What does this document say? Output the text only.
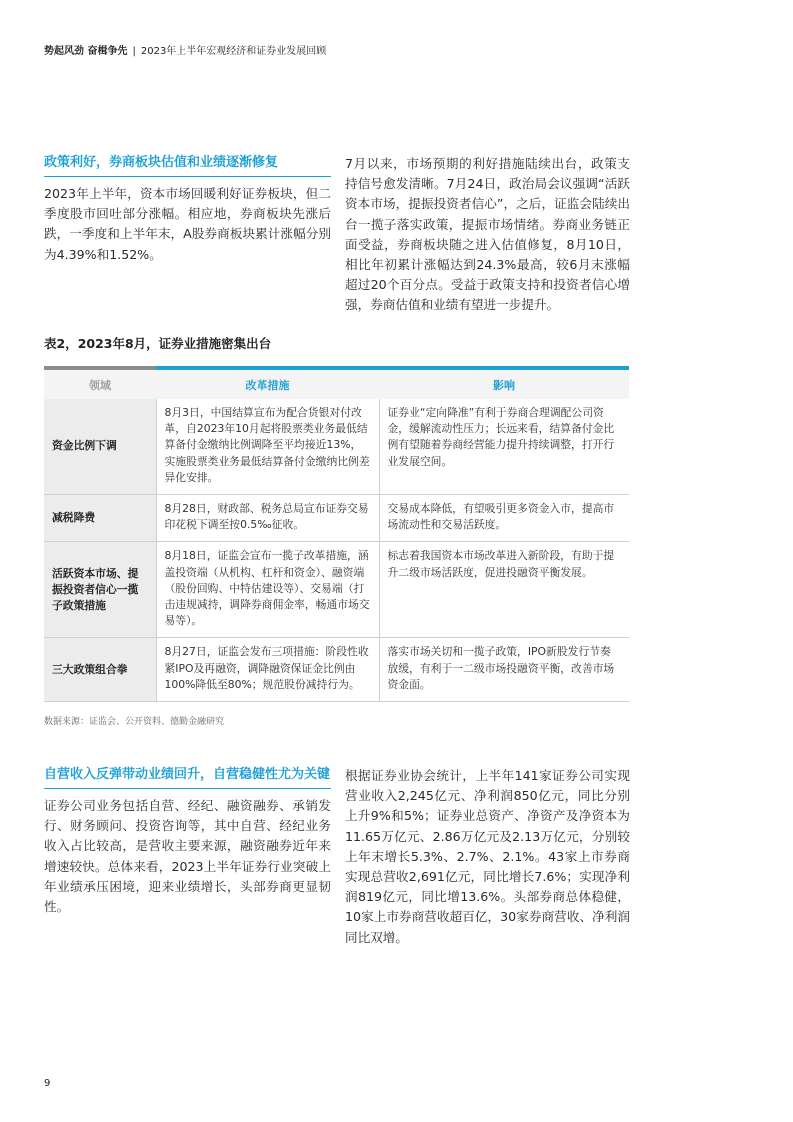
势起风劲 奋楫争先 | 2023年上半年宏观经济和证券业发展回顾
政策利好，券商板块估值和业绩逐渐修复
2023年上半年，资本市场回暖利好证券板块，但二季度股市回吐部分涨幅。相应地，券商板块先涨后跌，一季度和上半年末，A股券商板块累计涨幅分别为4.39%和1.52%。
7月以来，市场预期的利好措施陆续出台，政策支持信号愈发清晰。7月24日，政治局会议强调“活跃资本市场，提振投资者信心”，之后，证监会陆续出台一揽子落实政策，提振市场情绪。券商业务链正面受益，券商板块随之进入估值修复，8月10日，相比年初累计涨幅达到24.3%最高，较6月末涨幅超过20个百分点。受益于政策支持和投资者信心增强，券商估值和业绩有望进一步提升。
表2，2023年8月，证券业措施密集出台
领域	改革措施	影响
资金比例下调	8月3日，中国结算宣布为配合货银对付改革，自2023年10月起将股票类业务最低结算备付金缴纳比例调降至平均接近13%，实施股票类业务最低结算备付金缴纳比例差异化安排。	证券业“定向降准”有利于券商合理调配公司资金，缓解流动性压力；长远来看，结算备付金比例有望随着券商经营能力提升持续调整，打开行业发展空间。
减税降费	8月28日，财政部、税务总局宣布证券交易印花税下调至按0.5‰征收。	交易成本降低，有望吸引更多资金入市，提高市场流动性和交易活跃度。
活跃资本市场、提振投资者信心一揽子政策措施	8月18日，证监会宣布一揽子改革措施，涵盖投资端（从机构、杠杆和资金）、融资端（股份回购、中特估建设等）、交易端（打击违规减持，调降券商佣金率，畅通市场交易等）。	标志着我国资本市场改革进入新阶段，有助于提升二级市场活跃度，促进投融资平衡发展。
三大政策组合拳	8月27日，证监会发布三项措施：阶段性收紧IPO及再融资，调降融资保证金比例由100%降低至80%；规范股份减持行为。	落实市场关切和一揽子政策，IPO新股发行节奏放缓，有利于一二级市场投融资平衡，改善市场资金面。
数据来源：证监会、公开资料、德勤金融研究
自营收入反弹带动业绩回升，自营稳健性尤为关键
证券公司业务包括自营、经纪、融资融券、承销发行、财务顾问、投资咨询等，其中自营、经纪业务收入占比较高，是营收主要来源，融资融券近年来增速较快。总体来看，2023上半年证券行业突破上年业绩承压困境，迎来业绩增长，头部券商更显韧性。
根据证券业协会统计，上半年141家证券公司实现营业收入2,245亿元、净利润850亿元，同比分别上升9%和5%；证券业总资产、净资产及净资本为11.65万亿元、2.86万亿元及2.13万亿元，分别较上年末增长5.3%、2.7%、2.1%。43家上市券商实现总营收2,691亿元，同比增长7.6%；实现净利润819亿元，同比增13.6%。头部券商总体稳健，10家上市券商营收超百亿，30家券商营收、净利润同比双增。
9
